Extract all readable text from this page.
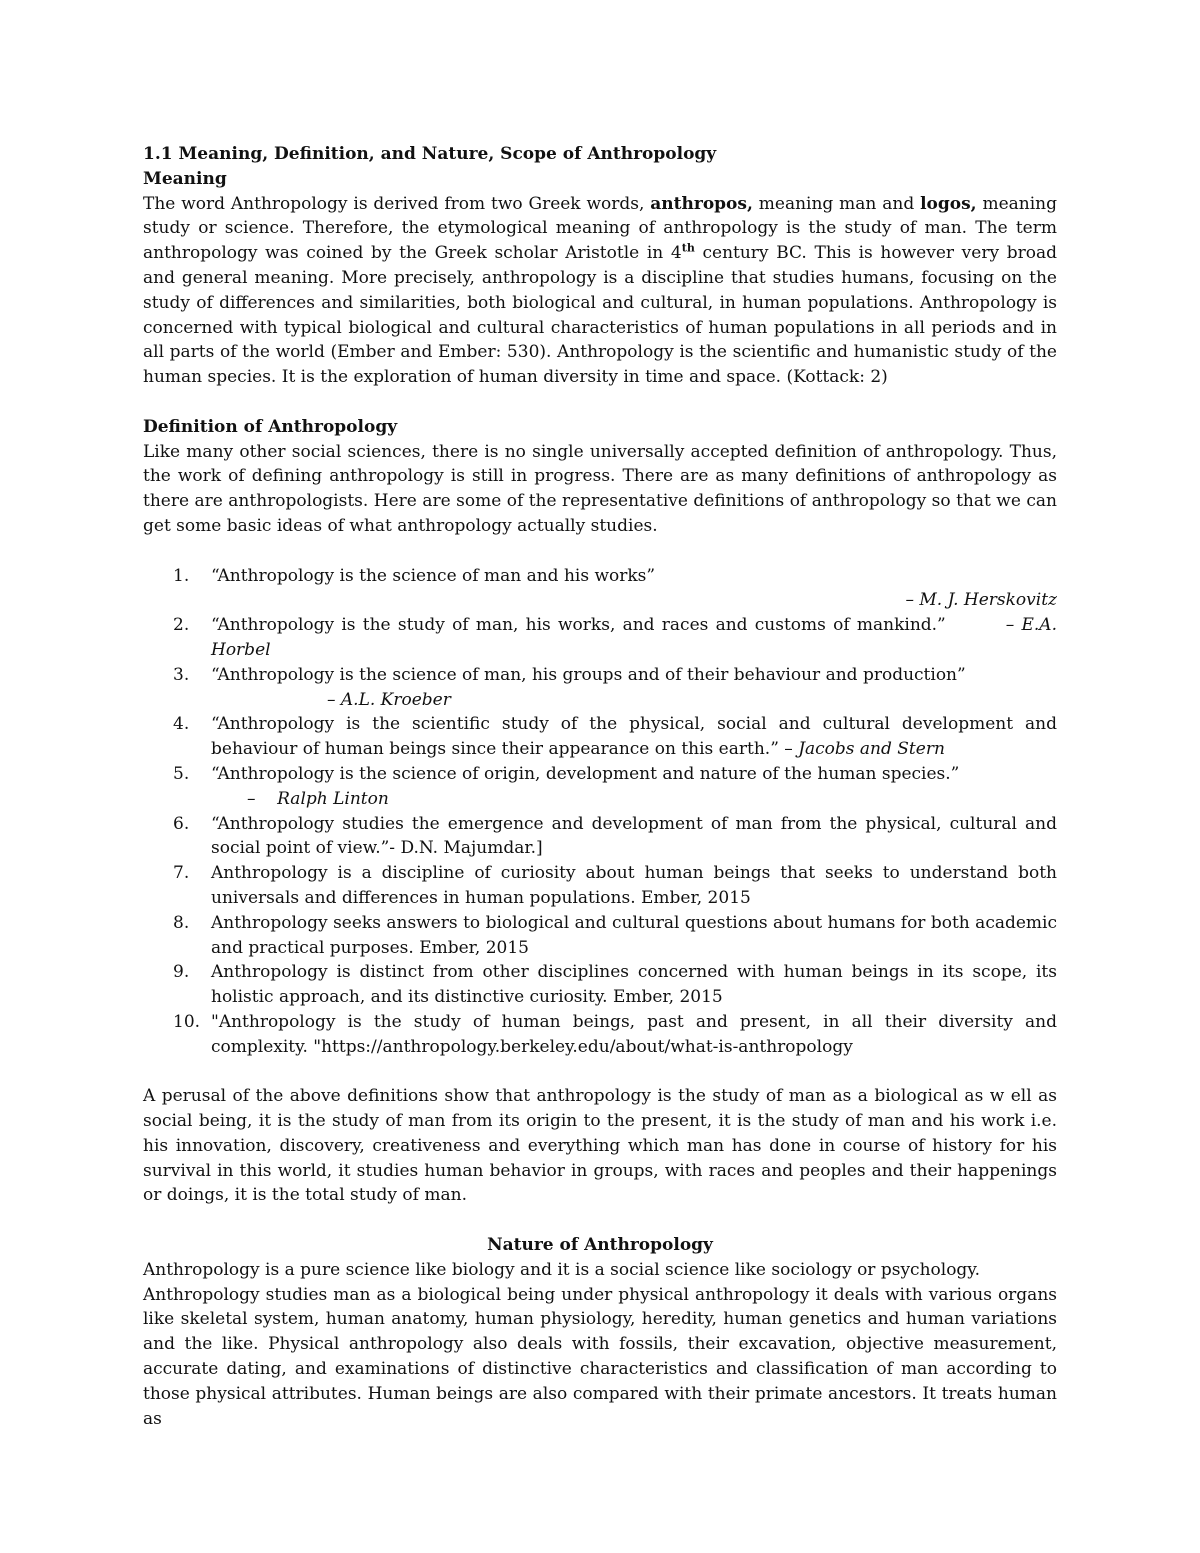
1.1 Meaning, Definition, and Nature, Scope of Anthropology
Meaning
The word Anthropology is derived from two Greek words, anthropos, meaning man and logos, meaning study or science. Therefore, the etymological meaning of anthropology is the study of man. The term anthropology was coined by the Greek scholar Aristotle in 4th century BC. This is however very broad and general meaning. More precisely, anthropology is a discipline that studies humans, focusing on the study of differences and similarities, both biological and cultural, in human populations. Anthropology is concerned with typical biological and cultural characteristics of human populations in all periods and in all parts of the world (Ember and Ember: 530). Anthropology is the scientific and humanistic study of the human species. It is the exploration of human diversity in time and space. (Kottack: 2)
Definition of Anthropology
Like many other social sciences, there is no single universally accepted definition of anthropology. Thus, the work of defining anthropology is still in progress. There are as many definitions of anthropology as there are anthropologists. Here are some of the representative definitions of anthropology so that we can get some basic ideas of what anthropology actually studies.
1. “Anthropology is the science of man and his works”
– M. J. Herskovitz
2. “Anthropology is the study of man, his works, and races and customs of mankind.”	– E.A. Horbel
3. “Anthropology is the science of man, his groups and of their behaviour and production”
– A.L. Kroeber
4. “Anthropology is the scientific study of the physical, social and cultural development and behaviour of human beings since their appearance on this earth.” – Jacobs and Stern
5. “Anthropology is the science of origin, development and nature of the human species.”
–    Ralph Linton
6. “Anthropology studies the emergence and development of man from the physical, cultural and social point of view.”- D.N. Majumdar.]
7. Anthropology is a discipline of curiosity about human beings that seeks to understand both universals and differences in human populations. Ember, 2015
8. Anthropology seeks answers to biological and cultural questions about humans for both academic and practical purposes. Ember, 2015
9. Anthropology is distinct from other disciplines concerned with human beings in its scope, its holistic approach, and its distinctive curiosity. Ember, 2015
10. "Anthropology is the study of human beings, past and present, in all their diversity and complexity. "https://anthropology.berkeley.edu/about/what-is-anthropology
A perusal of the above definitions show that anthropology is the study of man as a biological as w ell as social being, it is the study of man from its origin to the present, it is the study of man and his work i.e. his innovation, discovery, creativeness and everything which man has done in course of history for his survival in this world, it studies human behavior in groups, with races and peoples and their happenings or doings, it is the total study of man.
Nature of Anthropology
Anthropology is a pure science like biology and it is a social science like sociology or psychology.
Anthropology studies man as a biological being under physical anthropology it deals with various organs like skeletal system, human anatomy, human physiology, heredity, human genetics and human variations and the like. Physical anthropology also deals with fossils, their excavation, objective measurement, accurate dating, and examinations of distinctive characteristics and classification of man according to those physical attributes. Human beings are also compared with their primate ancestors. It treats human as
